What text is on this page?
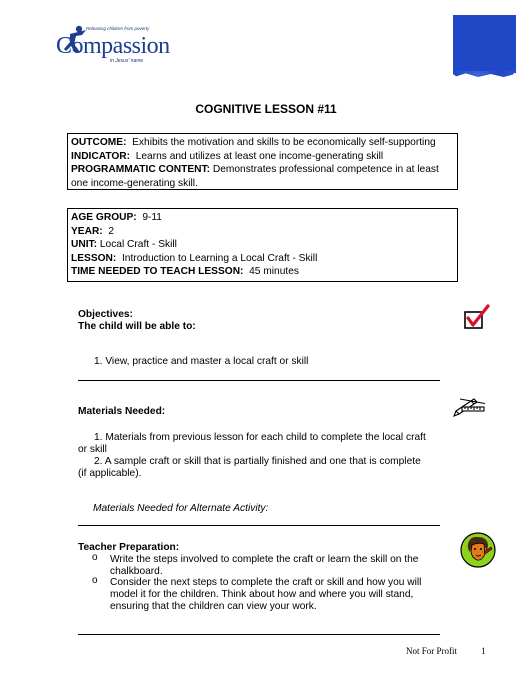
Releasing children from poverty
Compassion
in Jesus' name
COGNITIVE LESSON #11
OUTCOME: Exhibits the motivation and skills to be economically self-supporting
INDICATOR: Learns and utilizes at least one income-generating skill
PROGRAMMATIC CONTENT: Demonstrates professional competence in at least
one income-generating skill.
AGE GROUP: 9-11
YEAR: 2
UNIT: Local Craft - Skill
LESSON: Introduction to Learning a Local Craft - Skill
TIME NEEDED TO TEACH LESSON: 45 minutes
Objectives:
The child will be able to:
1. View, practice and master a local craft or skill
Materials Needed:
1. Materials from previous lesson for each child to complete the local craft
or skill
2. A sample craft or skill that is partially finished and one that is complete
(if applicable).
Materials Needed for Alternate Activity:
Teacher Preparation:
o Write the steps involved to complete the craft or learn the skill on the
chalkboard.
o Consider the next steps to complete the craft or skill and how you will
model it for the children. Think about how and where you will stand,
ensuring that the children can view your work.
Not For Profit	1
